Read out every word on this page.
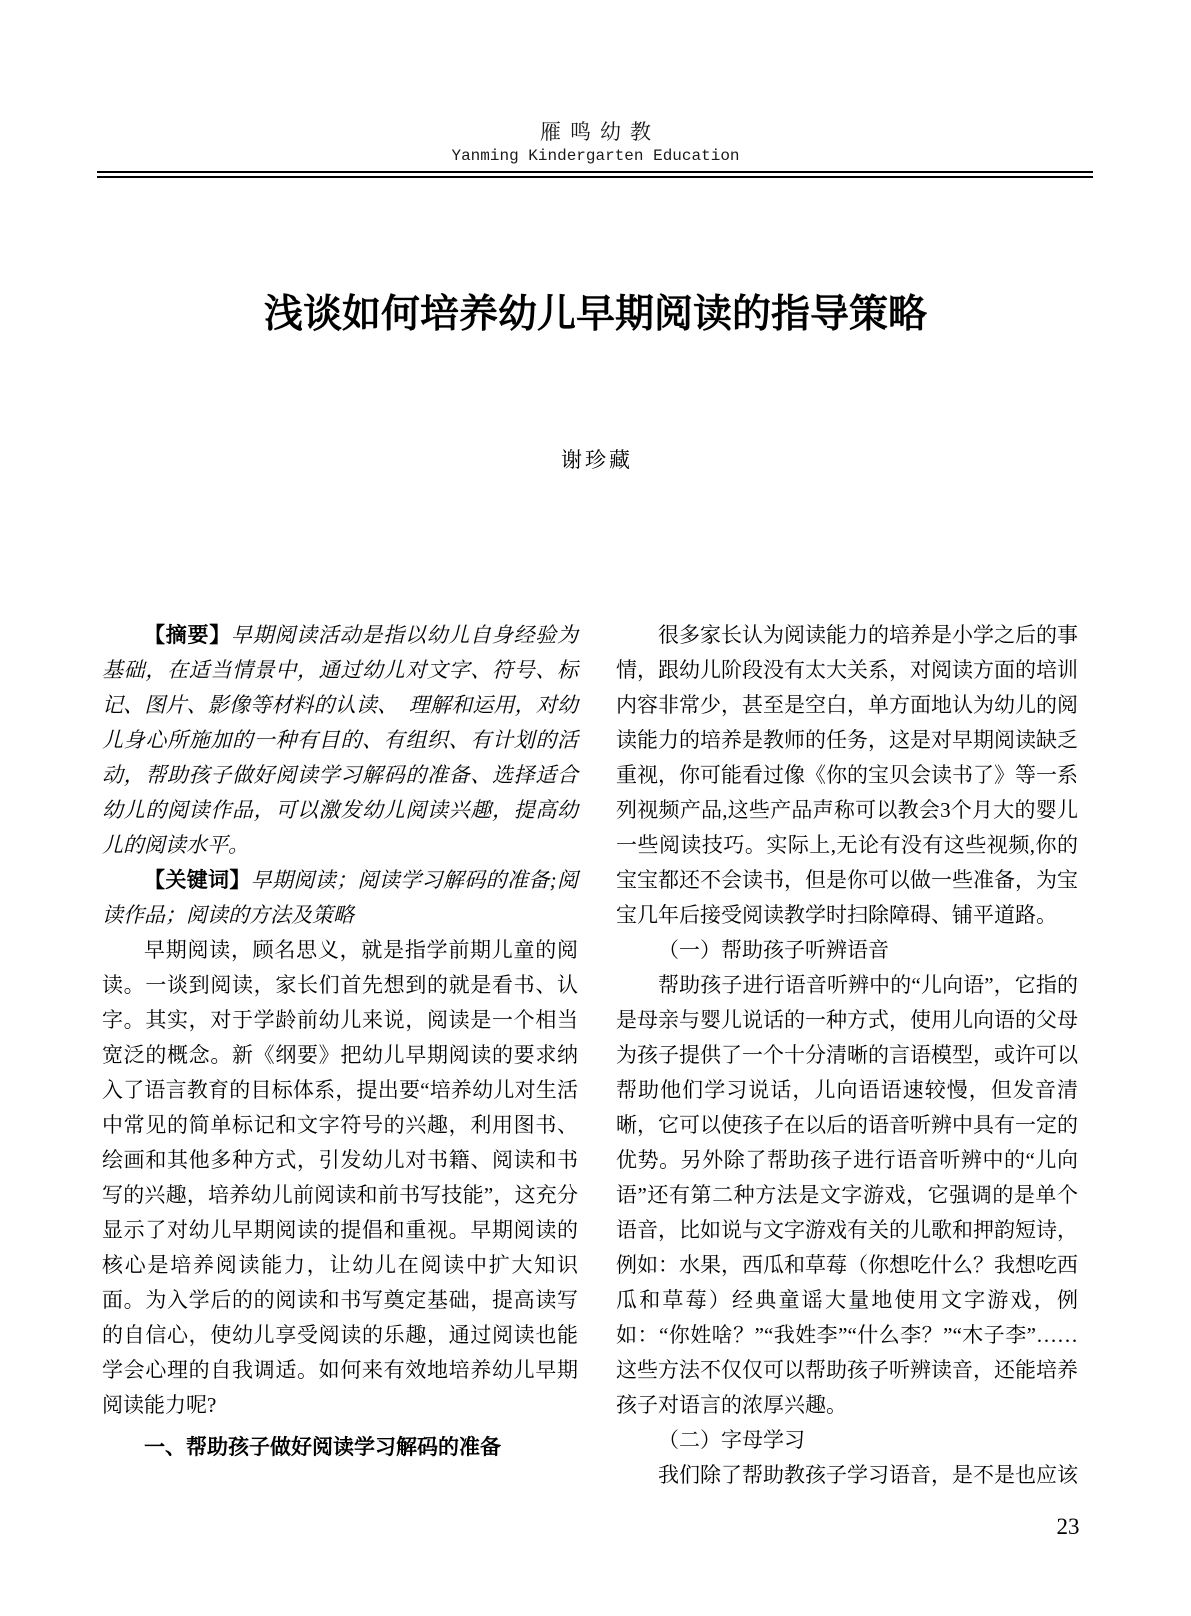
雁鸣幼教
Yanming Kindergarten Education
浅谈如何培养幼儿早期阅读的指导策略
谢珍藏

【摘要】早期阅读活动是指以幼儿自身经验为基础，在适当情景中，通过幼儿对文字、符号、标记、图片、影像等材料的认读、　理解和运用，对幼儿身心所施加的一种有目的、有组织、有计划的活动，帮助孩子做好阅读学习解码的准备、选择适合幼儿的阅读作品，可以激发幼儿阅读兴趣，提高幼儿的阅读水平。

【关键词】早期阅读；阅读学习解码的准备;阅读作品；阅读的方法及策略

早期阅读，顾名思义，就是指学前期儿童的阅读。一谈到阅读，家长们首先想到的就是看书、认字。其实，对于学龄前幼儿来说，阅读是一个相当宽泛的概念。新《纲要》把幼儿早期阅读的要求纳入了语言教育的目标体系，提出要“培养幼儿对生活中常见的简单标记和文字符号的兴趣，利用图书、绘画和其他多种方式，引发幼儿对书籍、阅读和书写的兴趣，培养幼儿前阅读和前书写技能”，这充分显示了对幼儿早期阅读的提倡和重视。早期阅读的核心是培养阅读能力，让幼儿在阅读中扩大知识面。为入学后的的阅读和书写奠定基础，提高读写的自信心，使幼儿享受阅读的乐趣，通过阅读也能学会心理的自我调适。如何来有效地培养幼儿早期阅读能力呢?

一、帮助孩子做好阅读学习解码的准备

很多家长认为阅读能力的培养是小学之后的事情，跟幼儿阶段没有太大关系，对阅读方面的培训内容非常少，甚至是空白，单方面地认为幼儿的阅读能力的培养是教师的任务，这是对早期阅读缺乏重视，你可能看过像《你的宝贝会读书了》等一系列视频产品,这些产品声称可以教会3个月大的婴儿一些阅读技巧。实际上,无论有没有这些视频,你的宝宝都还不会读书，但是你可以做一些准备，为宝宝几年后接受阅读教学时扫除障碍、铺平道路。

（一）帮助孩子听辨语音

帮助孩子进行语音听辨中的“儿向语”，它指的是母亲与婴儿说话的一种方式，使用儿向语的父母为孩子提供了一个十分清晰的言语模型，或许可以帮助他们学习说话，儿向语语速较慢，但发音清晰，它可以使孩子在以后的语音听辨中具有一定的优势。另外除了帮助孩子进行语音听辨中的“儿向语”还有第二种方法是文字游戏，它强调的是单个语音，比如说与文字游戏有关的儿歌和押韵短诗，例如：水果，西瓜和草莓（你想吃什么？我想吃西瓜和草莓）经典童谣大量地使用文字游戏，例如：“你姓啥？”“我姓李”“什么李？”“木子李”……这些方法不仅仅可以帮助孩子听辨读音，还能培养孩子对语言的浓厚兴趣。

（二）字母学习

我们除了帮助教孩子学习语音，是不是也应该

23
